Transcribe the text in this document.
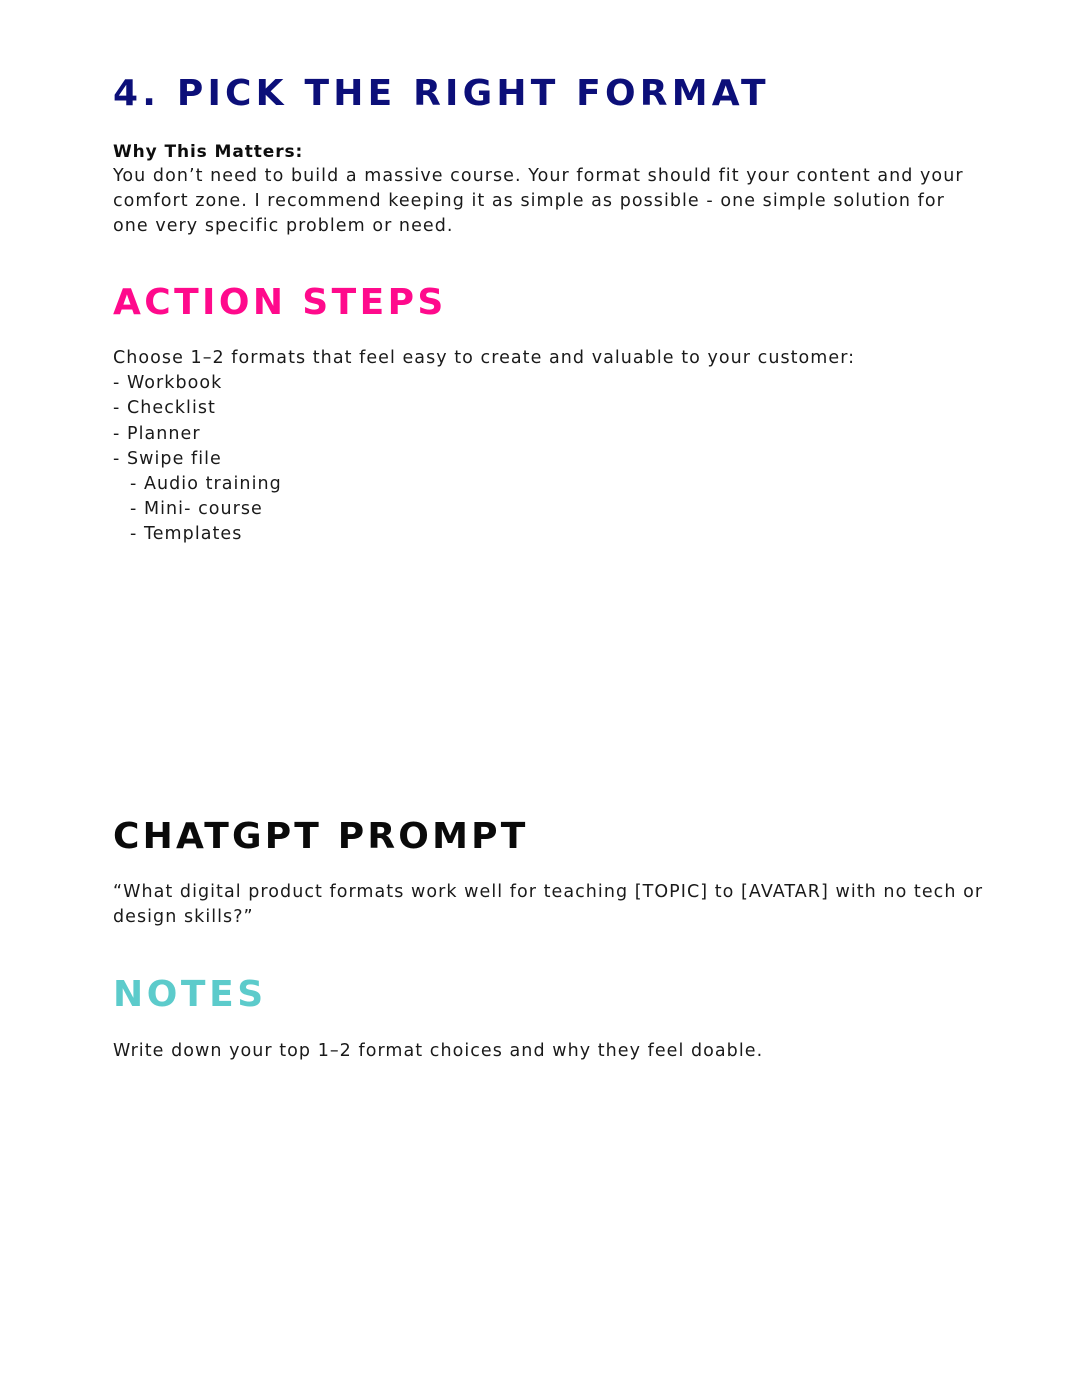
4. PICK THE RIGHT FORMAT
Why This Matters:
You don’t need to build a massive course. Your format should fit your content and your
comfort zone. I recommend keeping it as simple as possible - one simple solution for
one very specific problem or need.
ACTION STEPS
Choose 1–2 formats that feel easy to create and valuable to your customer:
- Workbook
- Checklist
- Planner
- Swipe file
- Audio training
- Mini- course
- Templates
CHATGPT PROMPT
“What digital product formats work well for teaching [TOPIC] to [AVATAR] with no tech or
design skills?”
NOTES
Write down your top 1–2 format choices and why they feel doable.
